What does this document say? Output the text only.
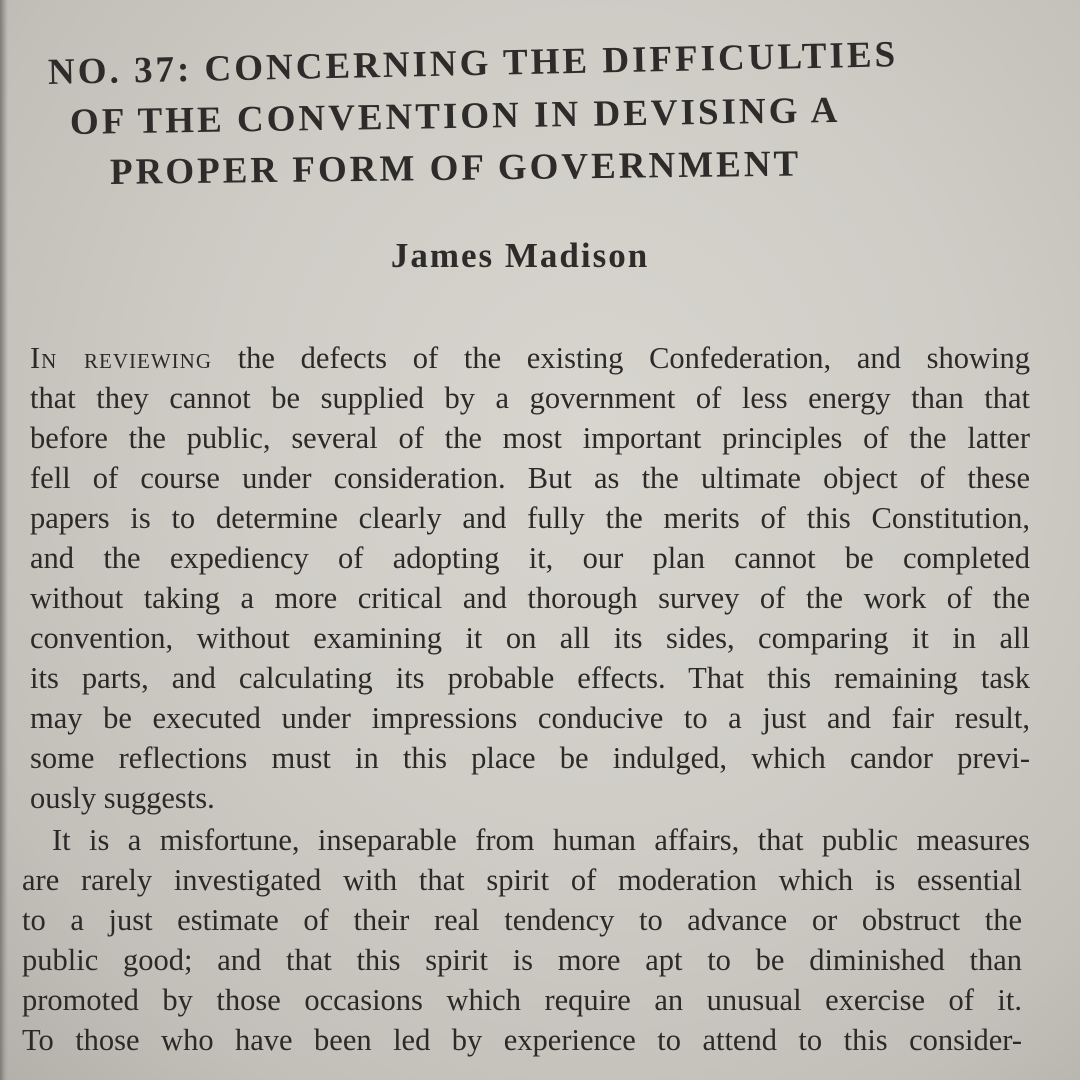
NO. 37: CONCERNING THE DIFFICULTIES
OF THE CONVENTION IN DEVISING A
PROPER FORM OF GOVERNMENT
James Madison
In reviewing the defects of the existing Confederation, and showing
that they cannot be supplied by a government of less energy than that
before the public, several of the most important principles of the latter
fell of course under consideration. But as the ultimate object of these
papers is to determine clearly and fully the merits of this Constitution,
and the expediency of adopting it, our plan cannot be completed
without taking a more critical and thorough survey of the work of the
convention, without examining it on all its sides, comparing it in all
its parts, and calculating its probable effects. That this remaining task
may be executed under impressions conducive to a just and fair result,
some reflections must in this place be indulged, which candor previ-
ously suggests.
It is a misfortune, inseparable from human affairs, that public measures
are rarely investigated with that spirit of moderation which is essential
to a just estimate of their real tendency to advance or obstruct the
public good; and that this spirit is more apt to be diminished than
promoted by those occasions which require an unusual exercise of it.
To those who have been led by experience to attend to this consider-
